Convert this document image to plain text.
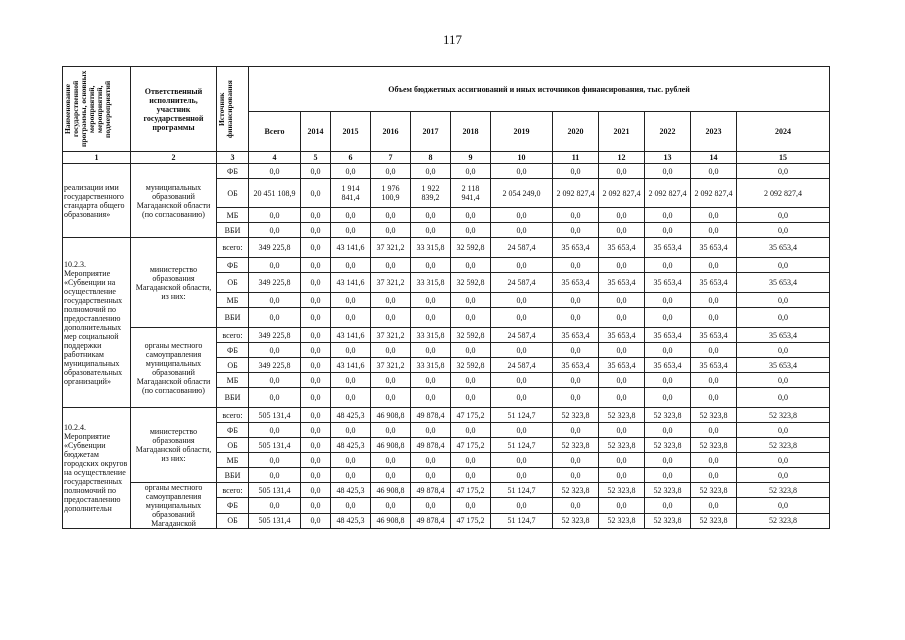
117
Наименование государственной программы, основных мероприятий, мероприятий, подмероприятий	Ответственный исполнитель, участник государственной программы	Источник финансирования	Объем бюджетных ассигнований и иных источников финансирования, тыс. рублей											
			Всего	2014	2015	2016	2017	2018	2019	2020	2021	2022	2023	2024
1	2	3	4	5	6	7	8	9	10	11	12	13	14	15
реализации ими государственного стандарта общего образования»	муниципальных образований Магаданской области (по согласованию)	ФБ	0,0	0,0	0,0	0,0	0,0	0,0	0,0	0,0	0,0	0,0	0,0	0,0
		ОБ	20 451 108,9	0,0	1 914 841,4	1 976 100,9	1 922 839,2	2 118 941,4	2 054 249,0	2 092 827,4	2 092 827,4	2 092 827,4	2 092 827,4	2 092 827,4
		МБ	0,0	0,0	0,0	0,0	0,0	0,0	0,0	0,0	0,0	0,0	0,0	0,0
		ВБИ	0,0	0,0	0,0	0,0	0,0	0,0	0,0	0,0	0,0	0,0	0,0	0,0
10.2.3. Мероприятие «Субвенции на осуществление государственных полномочий по предоставлению дополнительных мер социальной поддержки работникам муниципальных образовательных организаций»	министерство образования Магаданской области, из них:	всего:	349 225,8	0,0	43 141,6	37 321,2	33 315,8	32 592,8	24 587,4	35 653,4	35 653,4	35 653,4	35 653,4	35 653,4
		ФБ	0,0	0,0	0,0	0,0	0,0	0,0	0,0	0,0	0,0	0,0	0,0	0,0
		ОБ	349 225,8	0,0	43 141,6	37 321,2	33 315,8	32 592,8	24 587,4	35 653,4	35 653,4	35 653,4	35 653,4	35 653,4
		МБ	0,0	0,0	0,0	0,0	0,0	0,0	0,0	0,0	0,0	0,0	0,0	0,0
		ВБИ	0,0	0,0	0,0	0,0	0,0	0,0	0,0	0,0	0,0	0,0	0,0	0,0
	органы местного самоуправления муниципальных образований Магаданской области (по согласованию)	всего:	349 225,8	0,0	43 141,6	37 321,2	33 315,8	32 592,8	24 587,4	35 653,4	35 653,4	35 653,4	35 653,4	35 653,4
		ФБ	0,0	0,0	0,0	0,0	0,0	0,0	0,0	0,0	0,0	0,0	0,0	0,0
		ОБ	349 225,8	0,0	43 141,6	37 321,2	33 315,8	32 592,8	24 587,4	35 653,4	35 653,4	35 653,4	35 653,4	35 653,4
		МБ	0,0	0,0	0,0	0,0	0,0	0,0	0,0	0,0	0,0	0,0	0,0	0,0
		ВБИ	0,0	0,0	0,0	0,0	0,0	0,0	0,0	0,0	0,0	0,0	0,0	0,0
10.2.4. Мероприятие «Субвенции бюджетам городских округов на осуществление государственных полномочий по предоставлению дополнительн	министерство образования Магаданской области, из них:	всего:	505 131,4	0,0	48 425,3	46 908,8	49 878,4	47 175,2	51 124,7	52 323,8	52 323,8	52 323,8	52 323,8	52 323,8
		ФБ	0,0	0,0	0,0	0,0	0,0	0,0	0,0	0,0	0,0	0,0	0,0	0,0
		ОБ	505 131,4	0,0	48 425,3	46 908,8	49 878,4	47 175,2	51 124,7	52 323,8	52 323,8	52 323,8	52 323,8	52 323,8
		МБ	0,0	0,0	0,0	0,0	0,0	0,0	0,0	0,0	0,0	0,0	0,0	0,0
		ВБИ	0,0	0,0	0,0	0,0	0,0	0,0	0,0	0,0	0,0	0,0	0,0	0,0
	органы местного самоуправления муниципальных образований Магаданской	всего:	505 131,4	0,0	48 425,3	46 908,8	49 878,4	47 175,2	51 124,7	52 323,8	52 323,8	52 323,8	52 323,8	52 323,8
		ФБ	0,0	0,0	0,0	0,0	0,0	0,0	0,0	0,0	0,0	0,0	0,0	0,0
		ОБ	505 131,4	0,0	48 425,3	46 908,8	49 878,4	47 175,2	51 124,7	52 323,8	52 323,8	52 323,8	52 323,8	52 323,8
